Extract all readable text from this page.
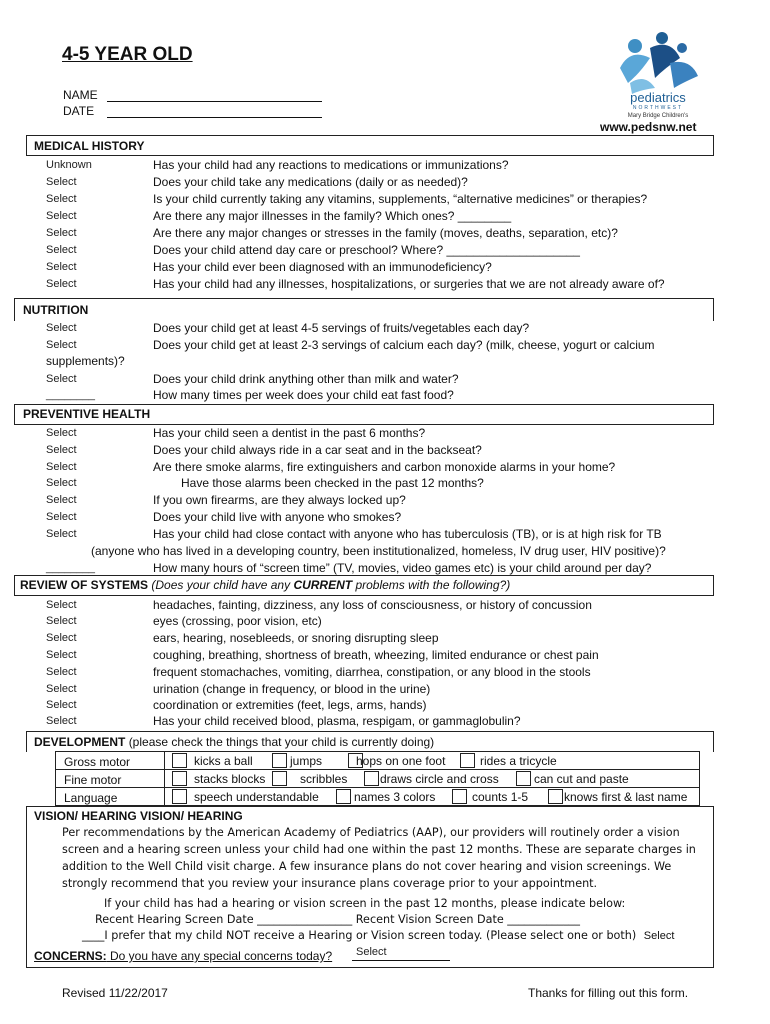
4-5 YEAR OLD
NAME
DATE
pediatrics
NORTHWEST
Mary Bridge Children's
www.pedsnw.net
MEDICAL HISTORY
Unknown	Has your child had any reactions to medications or immunizations?
Select	Does your child take any medications (daily or as needed)?
Select	Is your child currently taking any vitamins, supplements, “alternative medicines” or therapies?
Select	Are there any major illnesses in the family? Which ones? ________
Select	Are there any major changes or stresses in the family (moves, deaths, separation, etc)?
Select	Does your child attend day care or preschool? Where? ____________________
Select	Has your child ever been diagnosed with an immunodeficiency?
Select	Has your child had any illnesses, hospitalizations, or surgeries that we are not already aware of?
NUTRITION
Select	Does your child get at least 4-5 servings of fruits/vegetables each day?
Select	Does your child get at least 2-3 servings of calcium each day? (milk, cheese, yogurt or calcium
supplements)?
Select	Does your child drink anything other than milk and water?
________	How many times per week does your child eat fast food?
PREVENTIVE HEALTH
Select	Has your child seen a dentist in the past 6 months?
Select	Does your child always ride in a car seat and in the backseat?
Select	Are there smoke alarms, fire extinguishers and carbon monoxide alarms in your home?
Select	Have those alarms been checked in the past 12 months?
Select	If you own firearms, are they always locked up?
Select	Does your child live with anyone who smokes?
Select	Has your child had close contact with anyone who has tuberculosis (TB), or is at high risk for TB
(anyone who has lived in a developing country, been institutionalized, homeless, IV drug user, HIV positive)?
________	How many hours of “screen time” (TV, movies, video games etc) is your child around per day?
REVIEW OF SYSTEMS (Does your child have any CURRENT problems with the following?)
Select	headaches, fainting, dizziness, any loss of consciousness, or history of concussion
Select	eyes (crossing, poor vision, etc)
Select	ears, hearing, nosebleeds, or snoring disrupting sleep
Select	coughing, breathing, shortness of breath, wheezing, limited endurance or chest pain
Select	frequent stomachaches, vomiting, diarrhea, constipation, or any blood in the stools
Select	urination (change in frequency, or blood in the urine)
Select	coordination or extremities (feet, legs, arms, hands)
Select	Has your child received blood, plasma, respigam, or gammaglobulin?
DEVELOPMENT (please check the things that your child is currently doing)
Gross motor	kicks a ball	jumps	hops on one foot	rides a tricycle
Fine motor	stacks blocks	scribbles	draws circle and cross	can cut and paste
Language	speech understandable	names 3 colors	counts 1-5	knows first & last name
VISION/ HEARING VISION/ HEARING
Per recommendations by the American Academy of Pediatrics (AAP), our providers will routinely order a vision
screen and a hearing screen unless your child had one within the past 12 months. These are separate charges in
addition to the Well Child visit charge. A few insurance plans do not cover hearing and vision screenings. We
strongly recommend that you review your insurance plans coverage prior to your appointment.
If your child has had a hearing or vision screen in the past 12 months, please indicate below:
Recent Hearing Screen Date _________________ Recent Vision Screen Date _____________
____I prefer that my child NOT receive a Hearing or Vision screen today. (Please select one or both) Select
CONCERNS: Do you have any special concerns today? Select
Revised 11/22/2017	Thanks for filling out this form.
